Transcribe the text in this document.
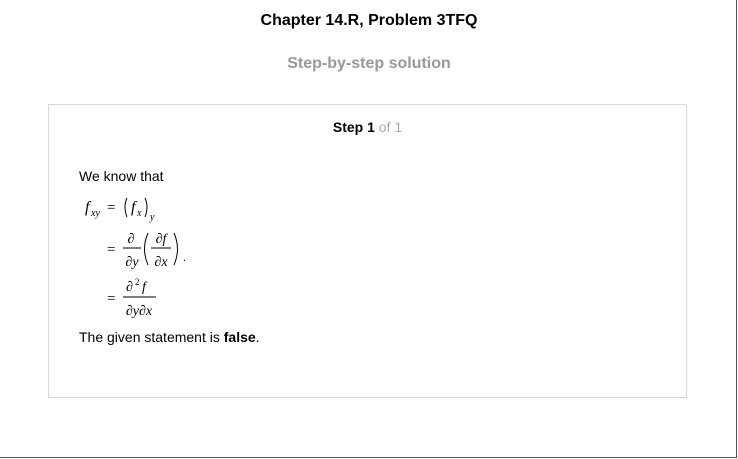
Chapter 14.R, Problem 3TFQ
Step-by-step solution
Step 1 of 1
We know that
f xy = f x y
=
∂
∂y
∂f
∂x .
=
∂ 2 f
∂y∂x
The given statement is false.
